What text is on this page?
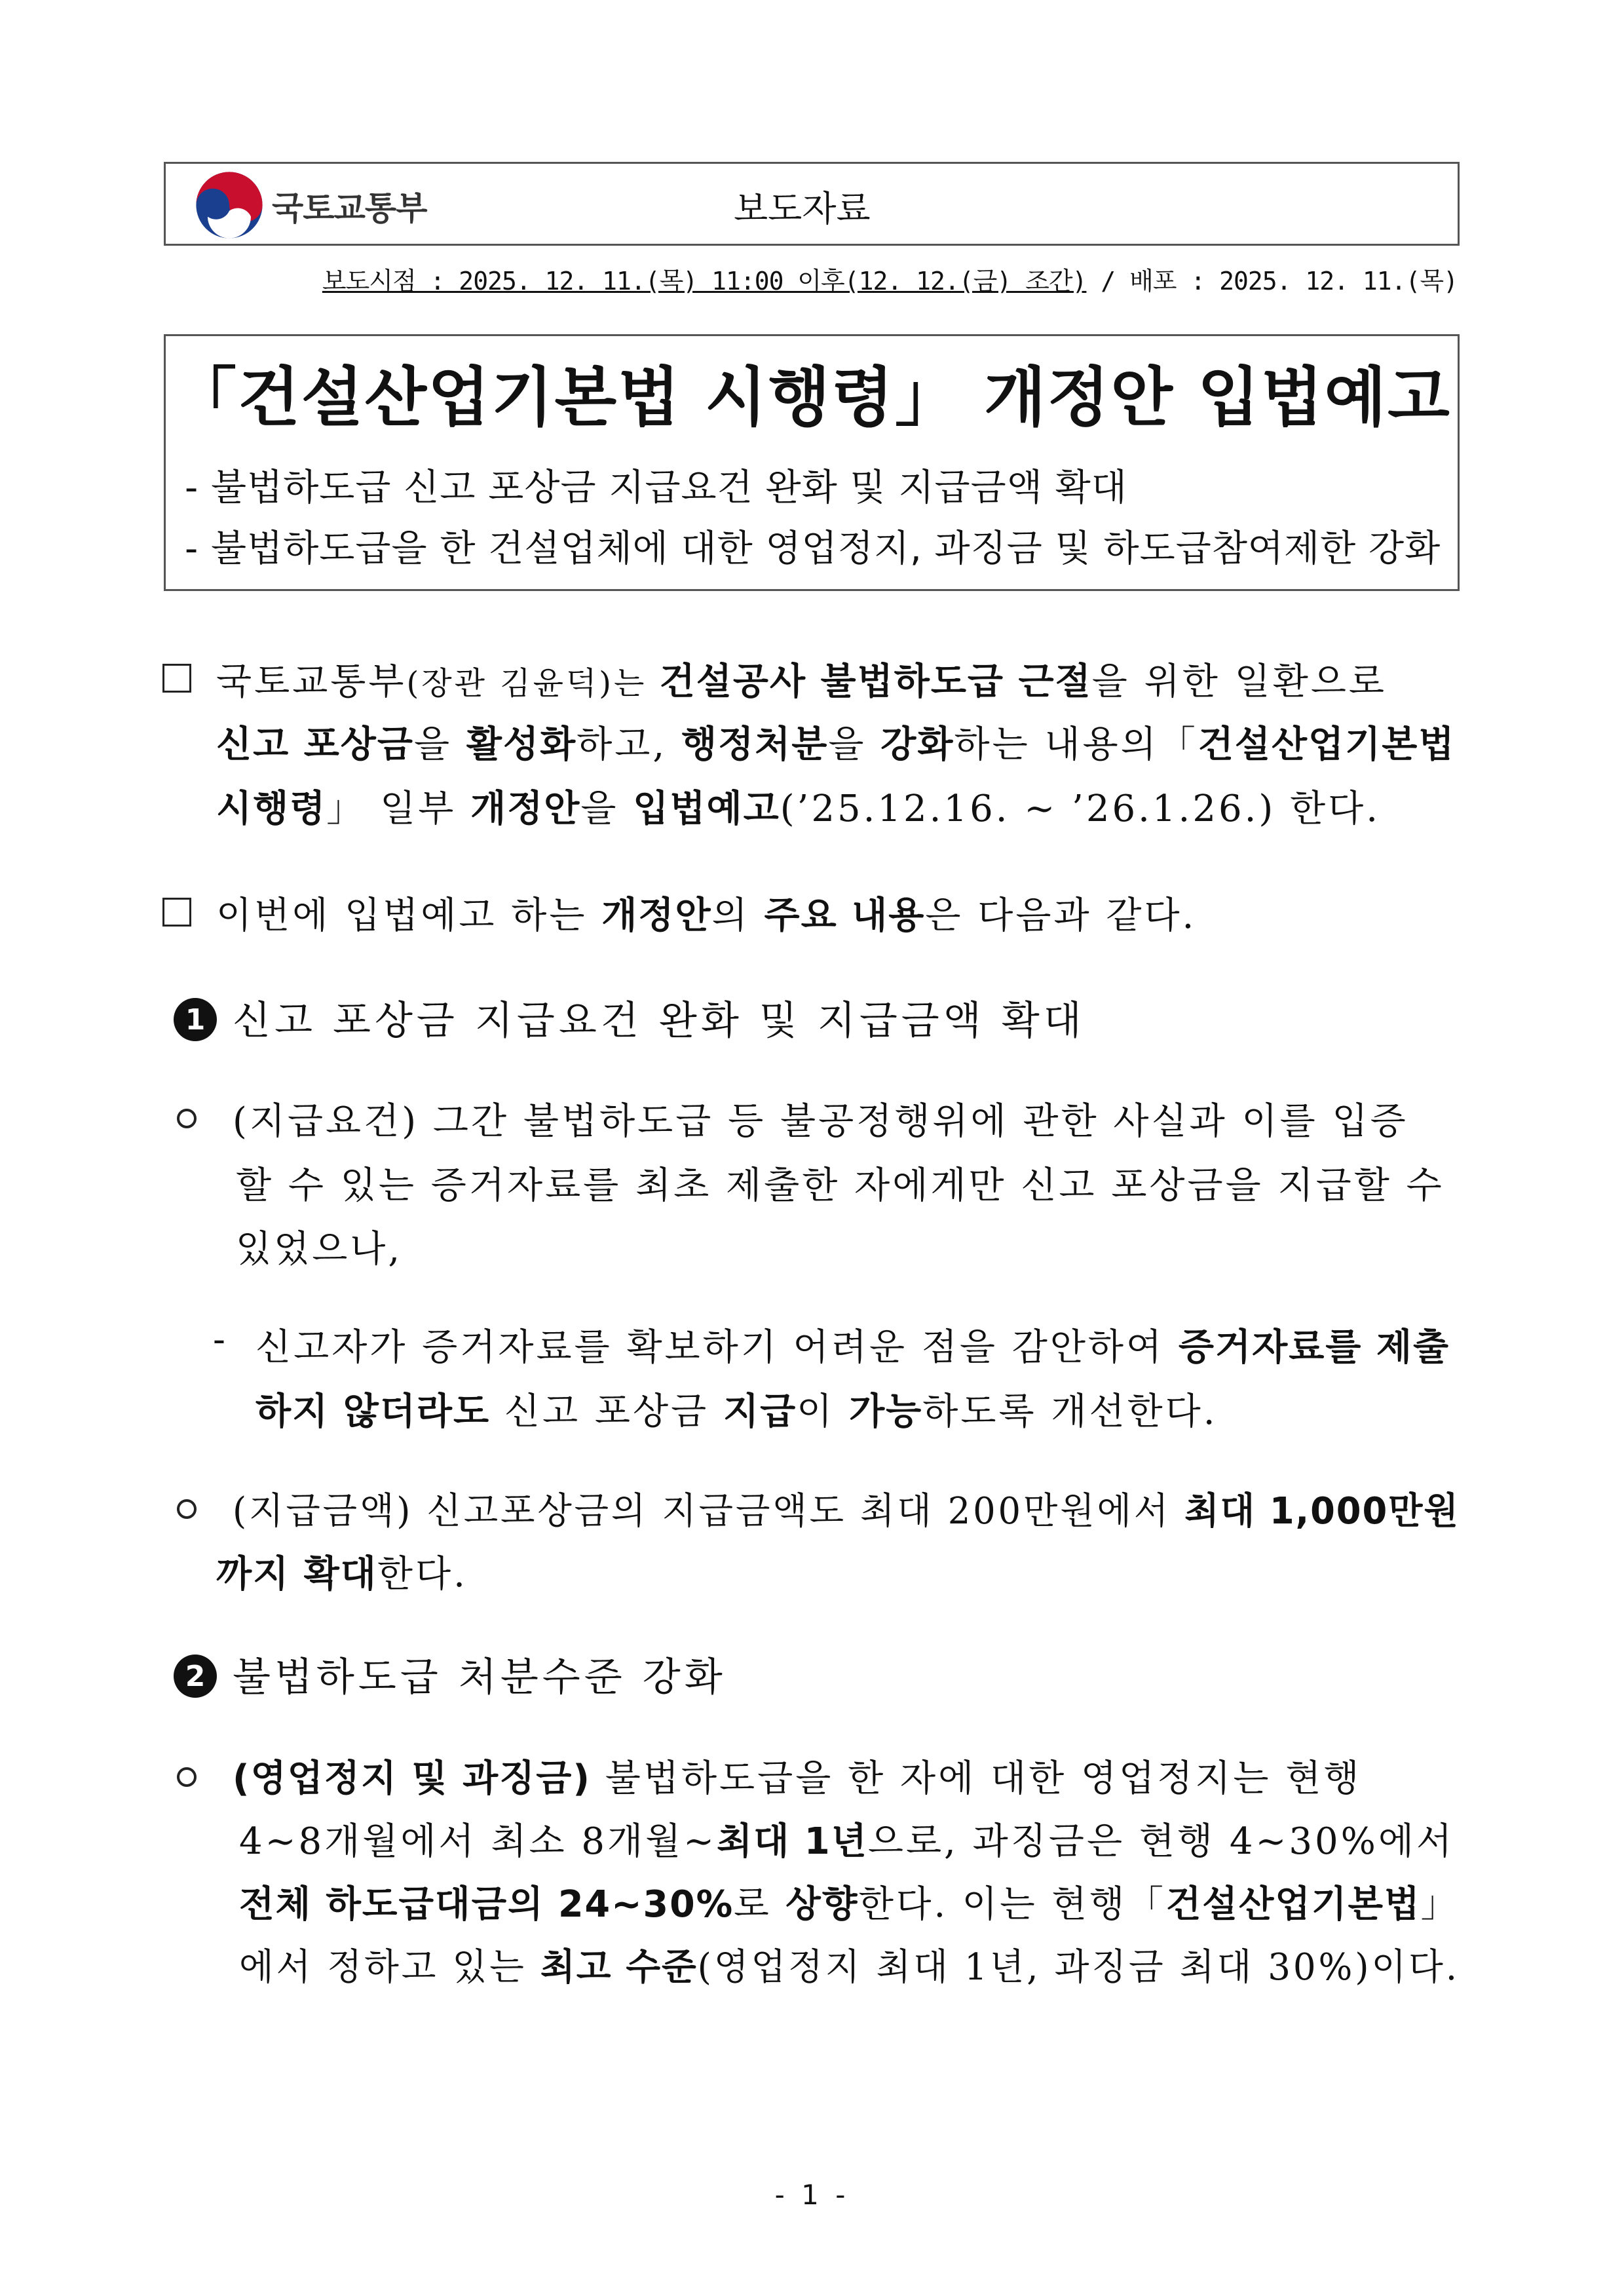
국토교통부	보도자료
보도시점 : 2025. 12. 11.(목) 11:00 이후(12. 12.(금) 조간) / 배포 : 2025. 12. 11.(목)
「건설산업기본법 시행령」 개정안 입법예고
- 불법하도급 신고 포상금 지급요건 완화 및 지급금액 확대
- 불법하도급을 한 건설업체에 대한 영업정지, 과징금 및 하도급참여제한 강화
국토교통부(장관 김윤덕)는 건설공사 불법하도급 근절을 위한 일환으로
신고 포상금을 활성화하고, 행정처분을 강화하는 내용의「건설산업기본법
시행령」 일부 개정안을 입법예고(’25.12.16. ~ ’26.1.26.) 한다.
이번에 입법예고 하는 개정안의 주요 내용은 다음과 같다.
1 신고 포상금 지급요건 완화 및 지급금액 확대
(지급요건) 그간 불법하도급 등 불공정행위에 관한 사실과 이를 입증
할 수 있는 증거자료를 최초 제출한 자에게만 신고 포상금을 지급할 수
있었으나,
- 신고자가 증거자료를 확보하기 어려운 점을 감안하여 증거자료를 제출
하지 않더라도 신고 포상금 지급이 가능하도록 개선한다.
(지급금액) 신고포상금의 지급금액도 최대 200만원에서 최대 1,000만원
까지 확대한다.
2 불법하도급 처분수준 강화
(영업정지 및 과징금) 불법하도급을 한 자에 대한 영업정지는 현행
4~8개월에서 최소 8개월~최대 1년으로, 과징금은 현행 4~30%에서
전체 하도급대금의 24~30%로 상향한다. 이는 현행「건설산업기본법」
에서 정하고 있는 최고 수준(영업정지 최대 1년, 과징금 최대 30%)이다.
- 1 -
